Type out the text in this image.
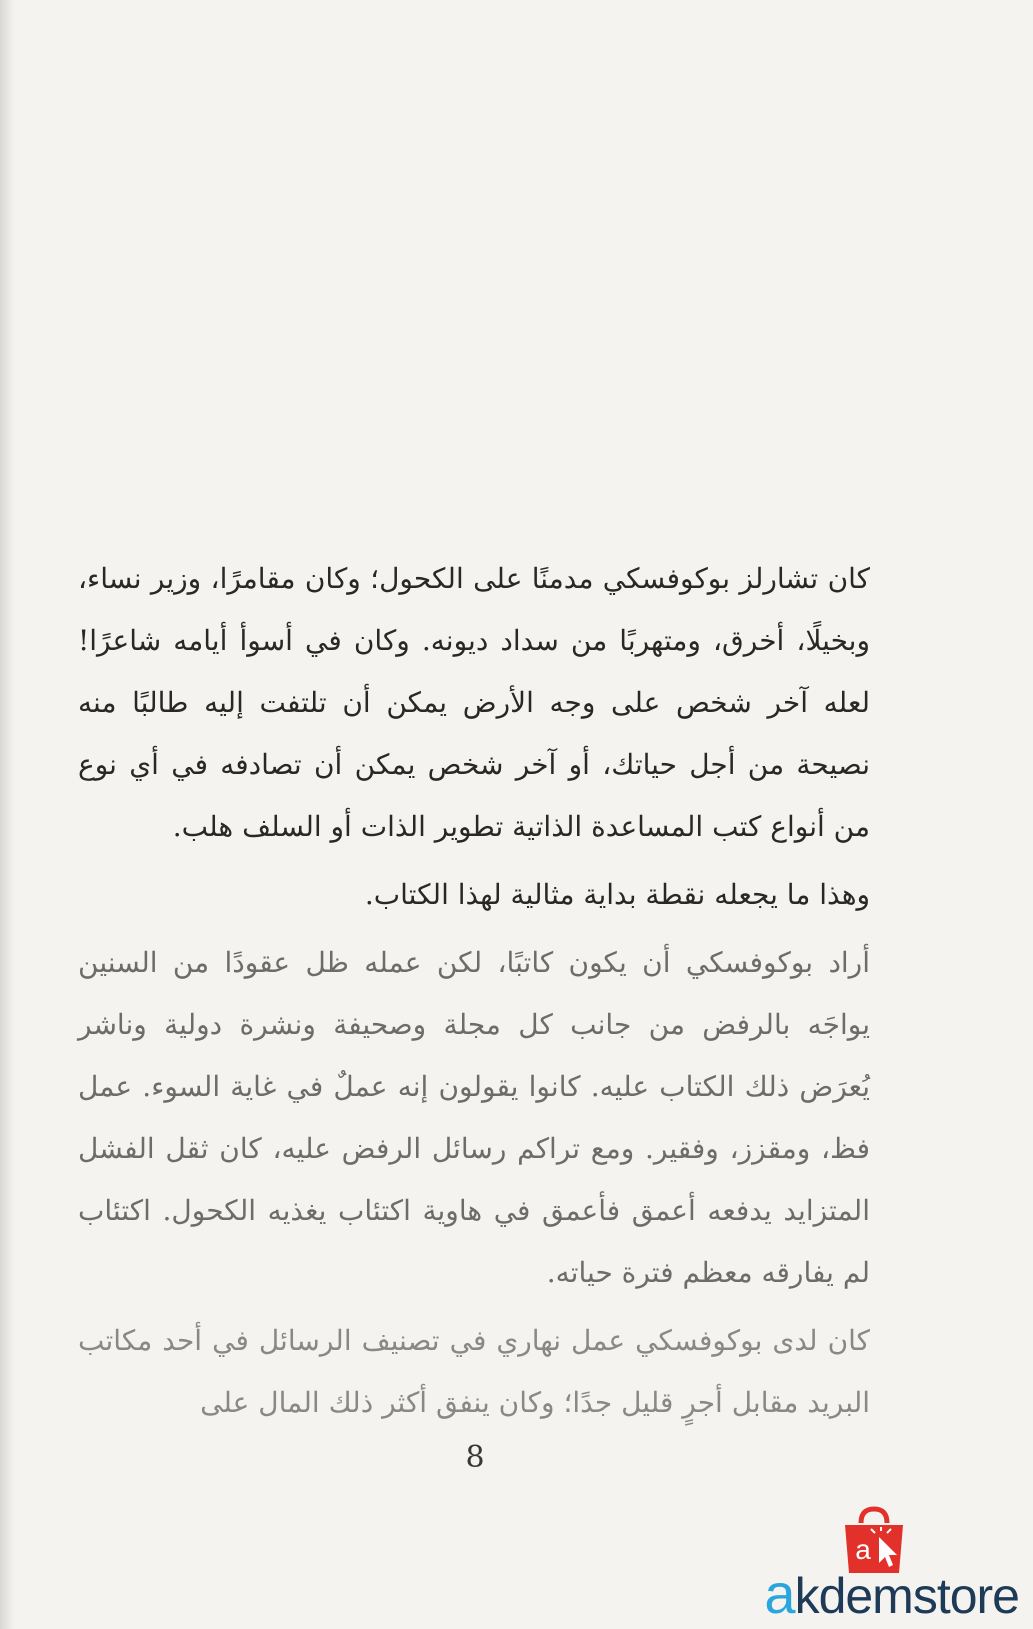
كان تشارلز بوكوفسكي مدمنًا على الكحول؛ وكان مقامرًا، وزير نساء، وبخيلًا، أخرق، ومتهربًا من سداد ديونه. وكان في أسوأ أيامه شاعرًا! لعله آخر شخص على وجه الأرض يمكن أن تلتفت إليه طالبًا منه نصيحة من أجل حياتك، أو آخر شخص يمكن أن تصادفه في أي نوع من أنواع كتب المساعدة الذاتية تطوير الذات أو السلف هلب.

وهذا ما يجعله نقطة بداية مثالية لهذا الكتاب.

أراد بوكوفسكي أن يكون كاتبًا، لكن عمله ظل عقودًا من السنين يواجَه بالرفض من جانب كل مجلة وصحيفة ونشرة دولية وناشر يُعرَض ذلك الكتاب عليه. كانوا يقولون إنه عملٌ في غاية السوء. عمل فظ، ومقزز، وفقير. ومع تراكم رسائل الرفض عليه، كان ثقل الفشل المتزايد يدفعه أعمق فأعمق في هاوية اكتئاب يغذيه الكحول. اكتئاب لم يفارقه معظم فترة حياته.

كان لدى بوكوفسكي عمل نهاري في تصنيف الرسائل في أحد مكاتب البريد مقابل أجرٍ قليل جدًا؛ وكان ينفق أكثر ذلك المال على

8
a
akdemstore
